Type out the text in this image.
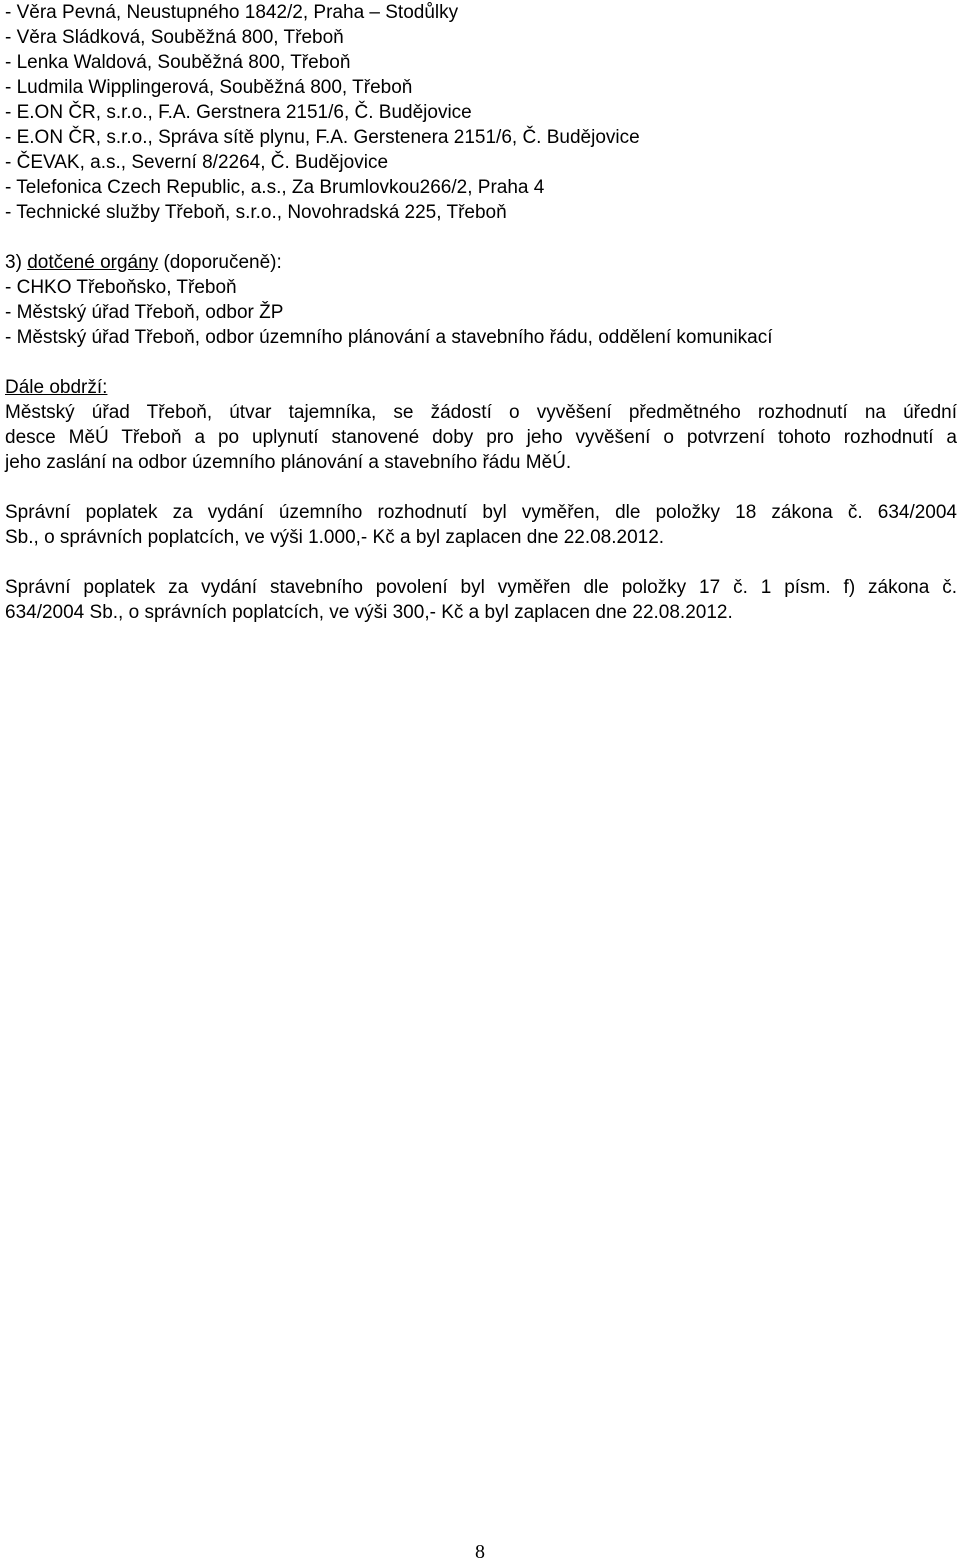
- Věra Pevná, Neustupného 1842/2, Praha – Stodůlky
- Věra Sládková, Souběžná 800, Třeboň
- Lenka Waldová, Souběžná 800, Třeboň
- Ludmila Wipplingerová, Souběžná 800, Třeboň
- E.ON ČR, s.r.o., F.A. Gerstnera 2151/6, Č. Budějovice
- E.ON ČR, s.r.o., Správa sítě plynu, F.A. Gerstenera 2151/6, Č. Budějovice
- ČEVAK, a.s., Severní 8/2264, Č. Budějovice
- Telefonica Czech Republic, a.s., Za Brumlovkou266/2, Praha 4
- Technické služby Třeboň, s.r.o., Novohradská 225, Třeboň
3) dotčené orgány (doporučeně):
- CHKO Třeboňsko, Třeboň
- Městský úřad Třeboň, odbor ŽP
- Městský úřad Třeboň, odbor územního plánování a stavebního řádu, oddělení komunikací
Dále obdrží:
Městský úřad Třeboň, útvar tajemníka, se žádostí o vyvěšení předmětného rozhodnutí na úřední
desce MěÚ Třeboň a po uplynutí stanovené doby pro jeho vyvěšení o potvrzení tohoto rozhodnutí a
jeho zaslání na odbor územního plánování a stavebního řádu MěÚ.
Správní poplatek za vydání územního rozhodnutí byl vyměřen, dle položky 18 zákona č. 634/2004
Sb., o správních poplatcích, ve výši 1.000,- Kč a byl zaplacen dne 22.08.2012.
Správní poplatek za vydání stavebního povolení byl vyměřen dle položky 17 č. 1 písm. f) zákona č.
634/2004 Sb., o správních poplatcích, ve výši 300,- Kč a byl zaplacen dne 22.08.2012.
8
